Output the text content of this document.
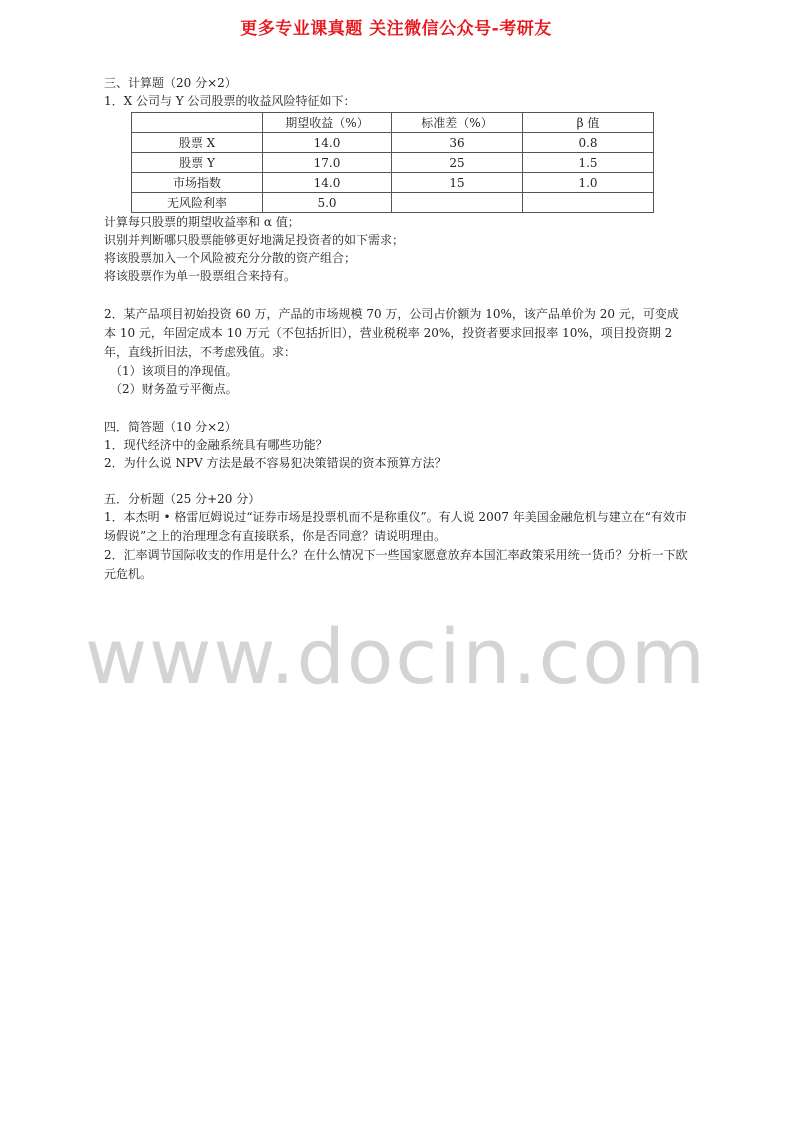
更多专业课真题 关注微信公众号-考研友
三、计算题（20 分×2）
1．X 公司与 Y 公司股票的收益风险特征如下：
	期望收益（%）	标准差（%）	β 值
股票 X	14.0	36	0.8
股票 Y	17.0	25	1.5
市场指数	14.0	15	1.0
无风险利率	5.0		
计算每只股票的期望收益率和 α 值；
识别并判断哪只股票能够更好地满足投资者的如下需求；
将该股票加入一个风险被充分分散的资产组合；
将该股票作为单一股票组合来持有。
2．某产品项目初始投资 60 万，产品的市场规模 70 万，公司占价额为 10%，该产品单价为 20 元，可变成本 10 元，年固定成本 10 万元（不包括折旧），营业税税率 20%，投资者要求回报率 10%，项目投资期 2 年，直线折旧法，不考虑残值。求：
（1）该项目的净现值。
（2）财务盈亏平衡点。
四．简答题（10 分×2）
1．现代经济中的金融系统具有哪些功能？
2．为什么说 NPV 方法是最不容易犯决策错误的资本预算方法？
五．分析题（25 分+20 分）
1．本杰明 • 格雷厄姆说过“证券市场是投票机而不是称重仪”。有人说 2007 年美国金融危机与建立在“有效市场假说”之上的治理理念有直接联系，你是否同意？请说明理由。
2．汇率调节国际收支的作用是什么？在什么情况下一些国家愿意放弃本国汇率政策采用统一货币？分析一下欧元危机。
www.docin.com
